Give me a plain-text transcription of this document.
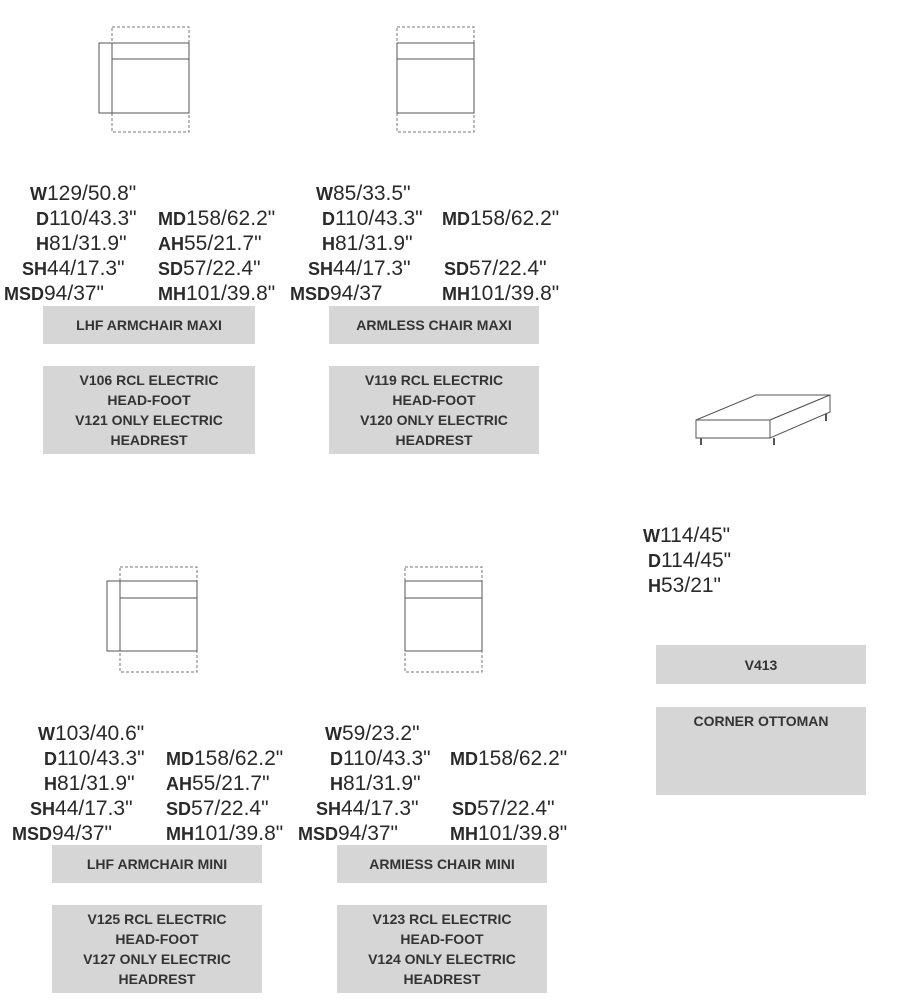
W129/50.8"
D110/43.3"
H81/31.9"
SH44/17.3"
MSD94/37"
MD158/62.2"
AH55/21.7"
SD57/22.4"
MH101/39.8"
LHF ARMCHAIR MAXI
V106 RCL ELECTRIC
HEAD-FOOT
V121 ONLY ELECTRIC
HEADREST
W85/33.5"
D110/43.3"
H81/31.9"
SH44/17.3"
MSD94/37
MD158/62.2"
SD57/22.4"
MH101/39.8"
ARMLESS CHAIR MAXI
V119 RCL ELECTRIC
HEAD-FOOT
V120 ONLY ELECTRIC
HEADREST
W114/45"
D114/45"
H53/21"
V413
CORNER OTTOMAN
W103/40.6"
D110/43.3"
H81/31.9"
SH44/17.3"
MSD94/37"
MD158/62.2"
AH55/21.7"
SD57/22.4"
MH101/39.8"
LHF ARMCHAIR MINI
V125 RCL ELECTRIC
HEAD-FOOT
V127 ONLY ELECTRIC
HEADREST
W59/23.2"
D110/43.3"
H81/31.9"
SH44/17.3"
MSD94/37"
MD158/62.2"
SD57/22.4"
MH101/39.8"
ARMIESS CHAIR MINI
V123 RCL ELECTRIC
HEAD-FOOT
V124 ONLY ELECTRIC
HEADREST
